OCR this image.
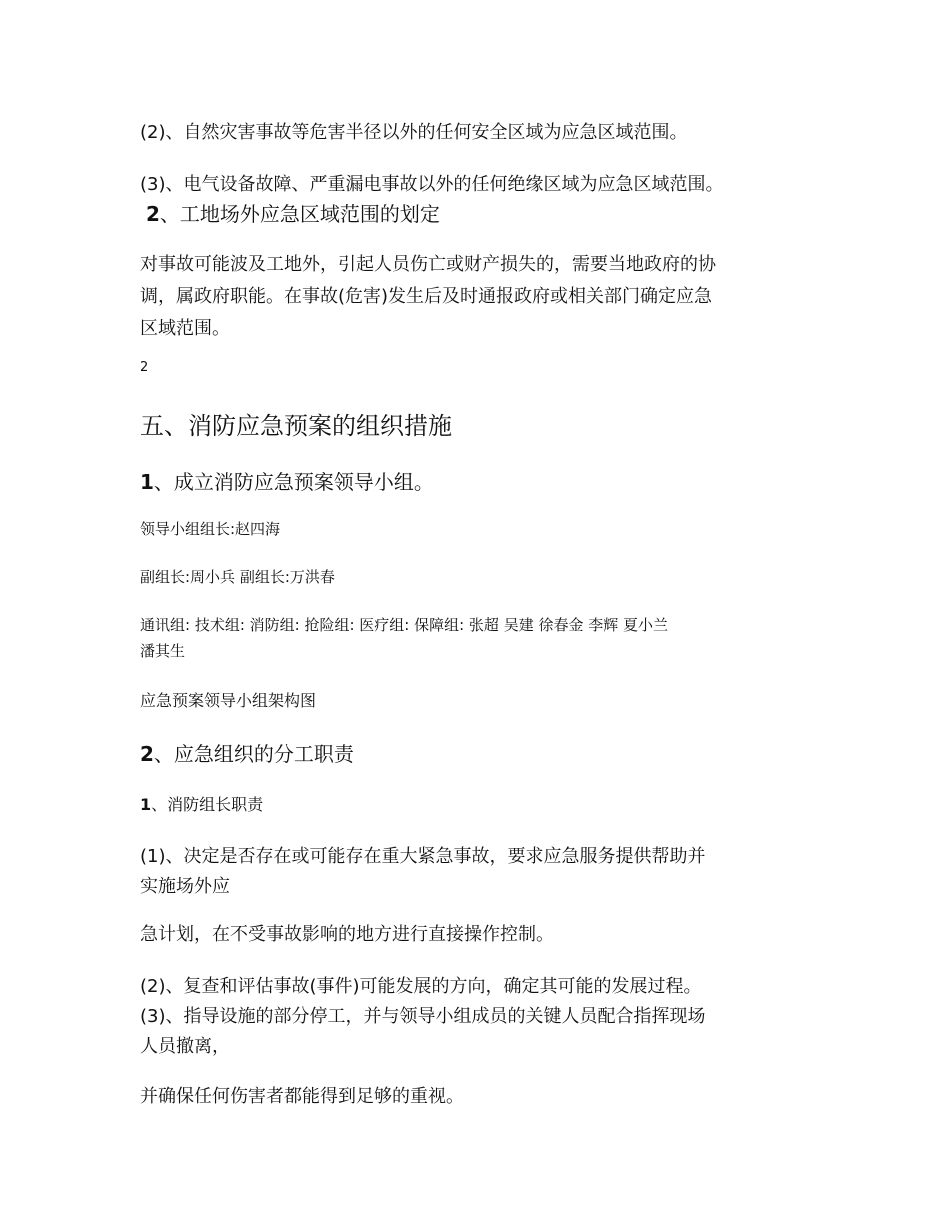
(2)、自然灾害事故等危害半径以外的任何安全区域为应急区域范围。

(3)、电气设备故障、严重漏电事故以外的任何绝缘区域为应急区域范围。

2、工地场外应急区域范围的划定

对事故可能波及工地外，引起人员伤亡或财产损失的，需要当地政府的协

调，属政府职能。在事故(危害)发生后及时通报政府或相关部门确定应急

区域范围。

2

五、消防应急预案的组织措施

1、成立消防应急预案领导小组。

领导小组组长:赵四海

副组长:周小兵 副组长:万洪春

通讯组: 技术组: 消防组: 抢险组: 医疗组: 保障组: 张超 吴建 徐春金 李辉 夏小兰

潘其生

应急预案领导小组架构图

2、应急组织的分工职责

1、消防组长职责

(1)、决定是否存在或可能存在重大紧急事故，要求应急服务提供帮助并

实施场外应

急计划，在不受事故影响的地方进行直接操作控制。

(2)、复查和评估事故(事件)可能发展的方向，确定其可能的发展过程。

(3)、指导设施的部分停工，并与领导小组成员的关键人员配合指挥现场

人员撤离，

并确保任何伤害者都能得到足够的重视。
